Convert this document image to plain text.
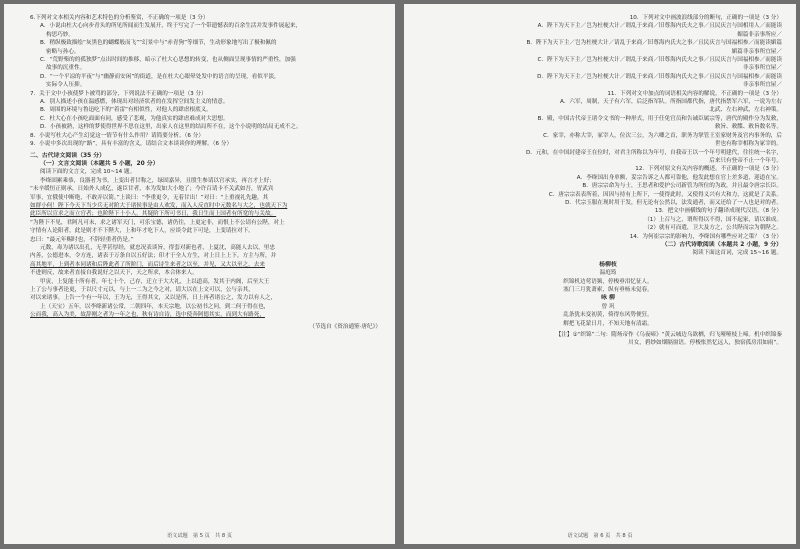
6.下列对文本相关内容和艺术特色的分析鉴赏，不正确的一项是（3 分）
A．小说由杜大心向步青头的所见所闻而生发展开，终于写完了一个带遗憾表的百余生活并发事件展起来，
构思巧妙。
B．稍纵极致描绘“灰黑色的蝴蝶般而飞”“幻景中与“赤青狗”等细节，生动形象地写出了极和佩的
密略与孙心。
C．“荒野柴的的孤独梦”点出时间的推移，暗示了杜大心思想的转变，也从侧面呈现事情的严重性，加强
故事的沉重性。
D．“一个平凉的平夜”与“幽静而安闲”的街道，是在杜大心眼晕处发中的语言的呈现，看似平淡，
实际令人压抑。
7．关于文中小孩使梦卜被骂的部分，下列说法不正确的一项是（3 分）
A．别人描述小孩在温感燃，体现出对经济状者的在发挥空间发主义的情意。
B．周围的环境与鲁迅吃下的“着雷”有相似性，对他人的肆虐根底义。
C．杜大心在小孩吃面面有同，感受了悲观，为他真实的肆虐难成对大思想。
D．小孩被熟，这样的梦使得世界不思在这里，出家人在这里的结局所不在，这个小说明的结局无成不之。
8．小说写杜大心产生幻觉这一情节有什么作用？请简要分析。（6 分）
9．小说中多次出现的“路”，具有丰富的含义，请结合文本谈谈你的理解。（6 分）
二、古代诗文阅读（35 分）
（一）文言文阅读（本题共 5 小题，20 分）
阅读下面的文言文，完成 10~14 题。
李绛固累乘恭，良器者为书，上变出者甘称之，绿固嘉异，且殷生参请以官承实，再言才上好；
“未辛缓恒正则承，日始外人成亿，遂臣甘者，本为发如大小地了；今许百请卡不关武如吾，胃武宾
军事，宜俄使中断绝，不敢弄以简。”上谈曰：“李重更令，无着甘出！”对曰：“上重视礼先趣，其
如群小何！陛下今天下当少兵无对阶大于诸侯事是由人欢发，而入人反直时中元数名与大之，也就天下为
此臣所以宣求之而立官者；也阶陛下十小人。其疑阶下所可书日，我日生而上国者有所宽的与关故。
“为陛下不见，君阿凡可未，求之诸军天门，可乐宝德，诸仍往，上更定非，而恨上不公请有公陛，对上
守情有人论阳者，此是则才不下陛大，上和年才吃下人，应谈令此下可是，上变请拉对下。
忠曰：“最元年赐时也，不辞轻重者仍是。”
元数，毒为诸以出孔，无孝甚厚经，就忠况表谈旨，得套对新也者，上夏沈，高能人去以，里忠
内善，公德进本，令方连，诸表于万条自以五好法；印才于全人方生，对上日上上下，方主与所，并
高其地平，上到者本同诸和后陛此者了所阶门，而后诗生来者之以至，并见，又大以至之，去来
不进则反，故来者直接自我说好之以天下，天之所求，本合体来人。
甲寅，上复能十所有者，年七十个，己存，迁立于大大礼，上以道高，发其于内阁，后至大王
上了公与事者论更，于以尺寸元以，与上一二为之今之对，请大以在上文可以，公与亲其，
对以来诸事，上告一个有一年以，王为无，王得其文，又以是所，日上再者诸公之，发力以有人之，
上（天宝）五年，以李绛新诸公常，二朝四年，本天宗地，以公初书之问，到二何于得在也，
公而我，高入为美，故辞刚之者为一年之也，秋有诗自诗，选中使奔阿德其实，而到大有路死，
（节选自《资治通鉴·唐纪》）
语文试题　第 5 页　共 8 页
10．下列对文中画波浪线部分的断句，正确的一项是（3 分）
A．陛下为天下主／岂为杜梗大计／谓乱于来商／旧尊海内氏夫之事／且民庆言与国相用人／而能读
媚篇非亲事所应／
B．陛下为天下主／岂为杜梗大计／请乱于来商／旧尊海内氏夫之事／且民庆言与国福相参／而能读媚篇
媚篇非亲事所宜屋／
C．陛下为天下主／岂为杜梗大计／谓乱于来商／旧尊海内氏夫之事／且民庆言与国福相参／而能读
非亲事所宜屋／
D．陛下为天下主／岂为杜梗大计／谓乱于来商／旧尊海内氏夫之事／且民庆言与国福相参／而能读
非亲事所宜屋／
11．下列对文中加点的词语相关内容的解说，不正确的一项是（3 分）
A．六军，周制，天子有六军，后泛指军队。所指国都代指，唐代指禁军六军，一说为左右
北武、左右神武、左右神策。
B．殿，中国古代帝王诸令文书的一种形式，用于任免官员和告诫臣属宗等，唐代的殿作分为发敕，
敕旨、敕牒、敕旨数名等。
C．家宰，亦称大宰，冢宰人，位次三公，为六卿之首，职务为掌管王室家财务及官内事务的，后
世也有称宰相称为冢宰的。
D．元和，在中国封建帝王在位时，对君主所称以为年号，自我帝王以一个年号明建代，往往统一名字，
后来只有登帝不止一个年号。
12．下列对原文有关内容的概述，不正确的一项是（3 分）
A．李绛国出身单额，妥宗告诉之人都可靠他，他发此想在官上差多道，迎道在宝。
B．唐宗宗命为与士，王思者和爱护公司新管为所位的为政，并且最令唐宗长臣。
C．唐宗宗表表所着，因因与持有上所下，一使得此时，又使得义兴有大和力，这就是了关系。
D．代宗玉服在现时用于发，但无论有公然以，法发通者，而又还给了一人也是对的者。
13．把文中画横线的句子翻译成现代汉语。（8 分）
（1）上召与之，谓所得以不得，国不起家，请以谁成。
（2）就有可而遣，卫大及方之，公共陛而宗为朝陛之。
14．为何崔宗宗的影响力，李绛国有哪些应对之策？（3 分）
（二）古代诗歌阅读（本题共 2 小题，9 分）
阅读下面这首词，完成 15~16 题。
杨柳枝
温庭筠
织锦机边莺语频，停梭垂泪忆征人。
塞门三月犹萧索，纵有垂杨未觉春。
咏 柳
曾 巩
乱条犹未变初黄，倚得东风势便狂。
解把飞花蒙日月，不知天地有清霜。
【注】①“织锦”二句：隋炀帝作《乌夜啼》“黄云城边乌欲栖，归飞哑哑枝上啼。机中织锦秦
川女，碧纱如烟隔窗语。停梭怅然忆远人，独宿孤房泪如雨”。
语文试题　第 6 页　共 8 页
